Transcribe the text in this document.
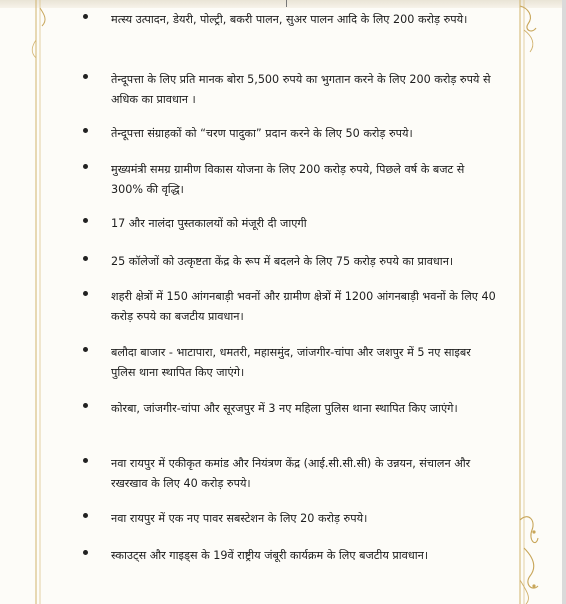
मत्स्य उत्पादन, डेयरी, पोल्ट्री, बकरी पालन, सुअर पालन आदि के लिए 200 करोड़ रुपये।

तेन्दूपत्ता के लिए प्रति मानक बोरा 5,500 रुपये का भुगतान करने के लिए 200 करोड़ रुपये से अधिक का प्रावधान ।

तेन्दूपत्ता संग्राहकों को “चरण पादुका” प्रदान करने के लिए 50 करोड़ रुपये।

मुख्यमंत्री समग्र ग्रामीण विकास योजना के लिए 200 करोड़ रुपये, पिछले वर्ष के बजट से 300% की वृद्धि।

17 और नालंदा पुस्तकालयों को मंजूरी दी जाएगी

25 कॉलेजों को उत्कृष्टता केंद्र के रूप में बदलने के लिए 75 करोड़ रुपये का प्रावधान।

शहरी क्षेत्रों में 150 आंगनबाड़ी भवनों और ग्रामीण क्षेत्रों में 1200 आंगनबाड़ी भवनों के लिए 40 करोड़ रुपये का बजटीय प्रावधान।

बलौदा बाजार - भाटापारा, धमतरी, महासमुंद, जांजगीर-चांपा और जशपुर में 5 नए साइबर पुलिस थाना स्थापित किए जाएंगे।

कोरबा, जांजगीर-चांपा और सूरजपुर में 3 नए महिला पुलिस थाना स्थापित किए जाएंगे।

नवा रायपुर में एकीकृत कमांड और नियंत्रण केंद्र (आई.सी.सी.सी) के उन्नयन, संचालन और रखरखाव के लिए 40 करोड़ रुपये।

नवा रायपुर में एक नए पावर सबस्टेशन के लिए 20 करोड़ रुपये।

स्काउट्स और गाइड्स के 19वें राष्ट्रीय जंबूरी कार्यक्रम के लिए बजटीय प्रावधान।
